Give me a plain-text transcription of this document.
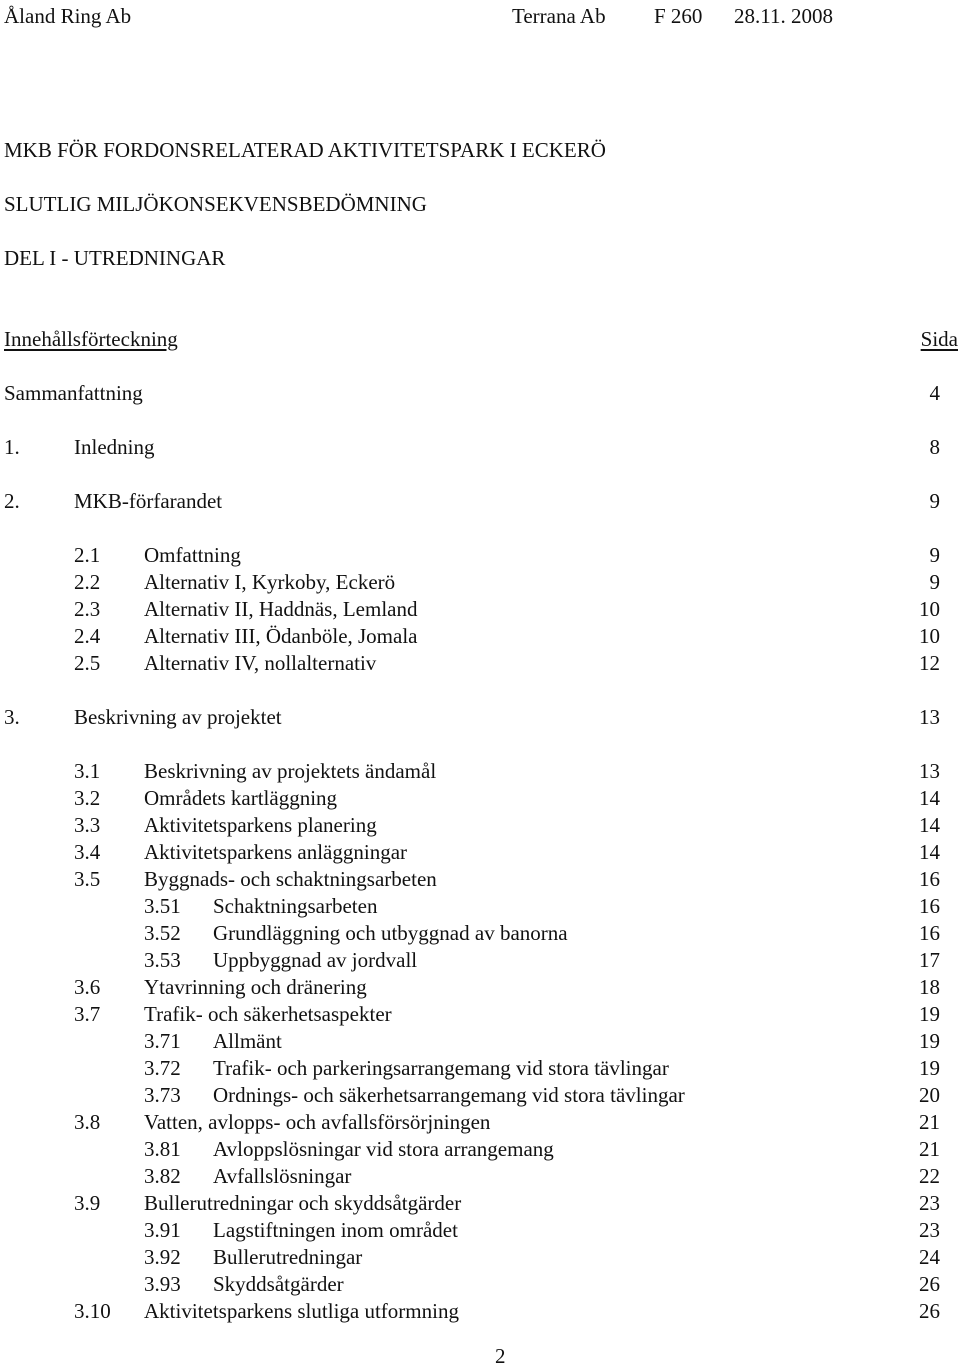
Åland Ring Ab	Terrana Ab F 260 28.11. 2008
MKB FÖR FORDONSRELATERAD AKTIVITETSPARK I ECKERÖ
SLUTLIG MILJÖKONSEKVENSBEDÖMNING
DEL I - UTREDNINGAR
Innehållsförteckning	Sida
Sammanfattning	4
1.	Inledning	8
2.	MKB-förfarandet	9
2.1 Omfattning	9
2.2 Alternativ I, Kyrkoby, Eckerö	9
2.3 Alternativ II, Haddnäs, Lemland	10
2.4 Alternativ III, Ödanböle, Jomala	10
2.5 Alternativ IV, nollalternativ	12
3.	Beskrivning av projektet	13
3.1 Beskrivning av projektets ändamål	13
3.2 Områdets kartläggning	14
3.3 Aktivitetsparkens planering	14
3.4 Aktivitetsparkens anläggningar	14
3.5 Byggnads- och schaktningsarbeten	16
3.51 Schaktningsarbeten	16
3.52 Grundläggning och utbyggnad av banorna	16
3.53 Uppbyggnad av jordvall	17
3.6 Ytavrinning och dränering	18
3.7 Trafik- och säkerhetsaspekter	19
3.71 Allmänt	19
3.72 Trafik- och parkeringsarrangemang vid stora tävlingar	19
3.73 Ordnings- och säkerhetsarrangemang vid stora tävlingar	20
3.8 Vatten, avlopps- och avfallsförsörjningen	21
3.81 Avloppslösningar vid stora arrangemang	21
3.82 Avfallslösningar	22
3.9 Bullerutredningar och skyddsåtgärder	23
3.91 Lagstiftningen inom området	23
3.92 Bullerutredningar	24
3.93 Skyddsåtgärder	26
3.10 Aktivitetsparkens slutliga utformning	26
2
